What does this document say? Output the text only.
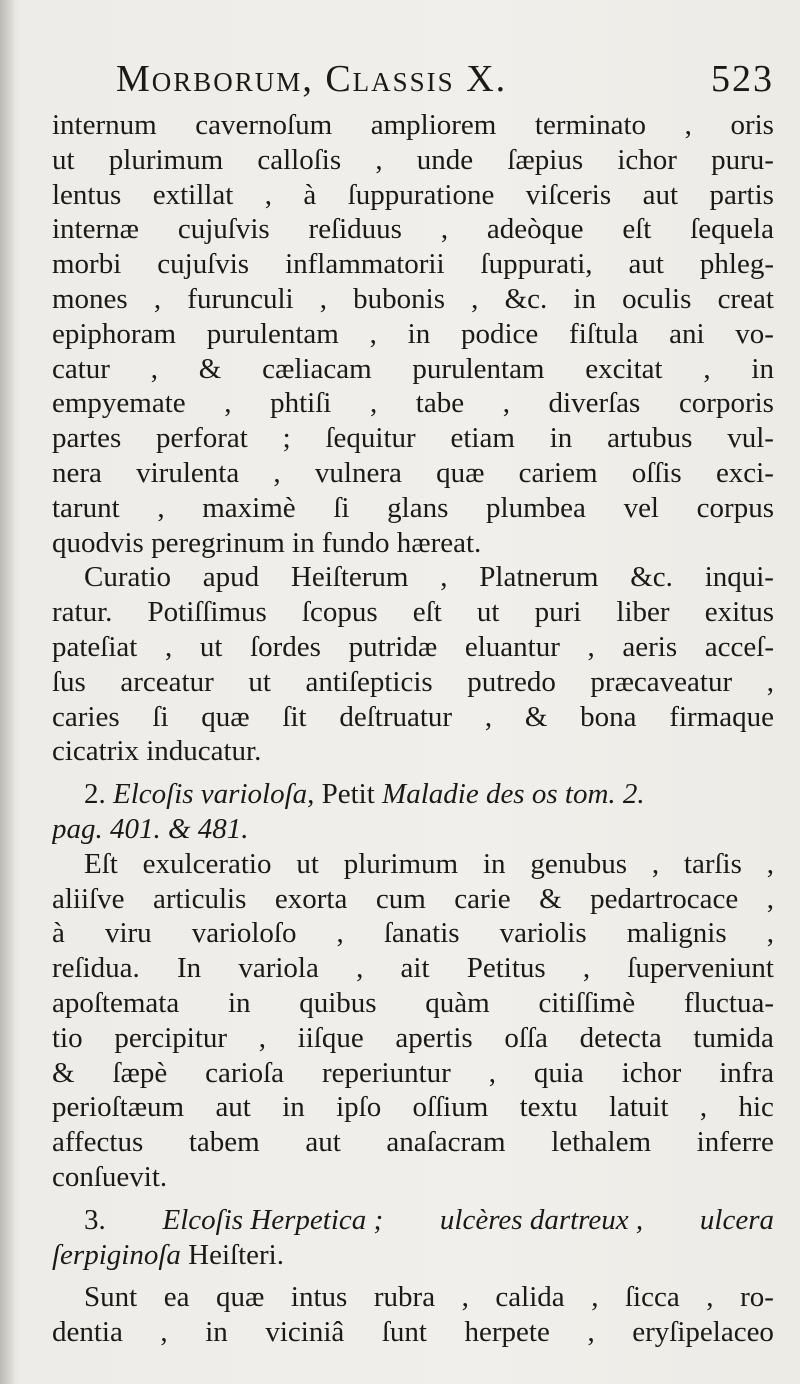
Morborum, Classis X.	523
internum cavernoſum ampliorem terminato , oris
ut plurimum calloſis , unde ſæpius ichor puru-
lentus extillat , à ſuppuratione viſceris aut partis
internæ cujuſvis reſiduus , adeòque eſt ſequela
morbi cujuſvis inflammatorii ſuppurati, aut phleg-
mones , furunculi , bubonis , &c. in oculis creat
epiphoram purulentam , in podice fiſtula ani vo-
catur , & cæliacam purulentam excitat , in
empyemate , phtiſi , tabe , diverſas corporis
partes perforat ; ſequitur etiam in artubus vul-
nera virulenta , vulnera quæ cariem oſſis exci-
tarunt , maximè ſi glans plumbea vel corpus
quodvis peregrinum in fundo hæreat.
Curatio apud Heiſterum , Platnerum &c. inqui-
ratur. Potiſſimus ſcopus eſt ut puri liber exitus
pateſiat , ut ſordes putridæ eluantur , aeris acceſ-
ſus arceatur ut antiſepticis putredo præcaveatur ,
caries ſi quæ ſit deſtruatur , & bona firmaque
cicatrix inducatur.
2. Elcoſis varioloſa, Petit Maladie des os tom. 2.
pag. 401. & 481.
Eſt exulceratio ut plurimum in genubus , tarſis ,
aliiſve articulis exorta cum carie & pedartrocace ,
à viru varioloſo , ſanatis variolis malignis ,
reſidua. In variola , ait Petitus , ſuperveniunt
apoſtemata in quibus quàm citiſſimè fluctua-
tio percipitur , iiſque apertis oſſa detecta tumida
& ſæpè carioſa reperiuntur , quia ichor infra
perioſtæum aut in ipſo oſſium textu latuit , hic
affectus tabem aut anaſacram lethalem inferre
conſuevit.
3. Elcoſis Herpetica ; ulcères dartreux , ulcera
ſerpiginoſa Heiſteri.
Sunt ea quæ intus rubra , calida , ſicca , ro-
dentia , in viciniâ ſunt herpete , eryſipelaceo
